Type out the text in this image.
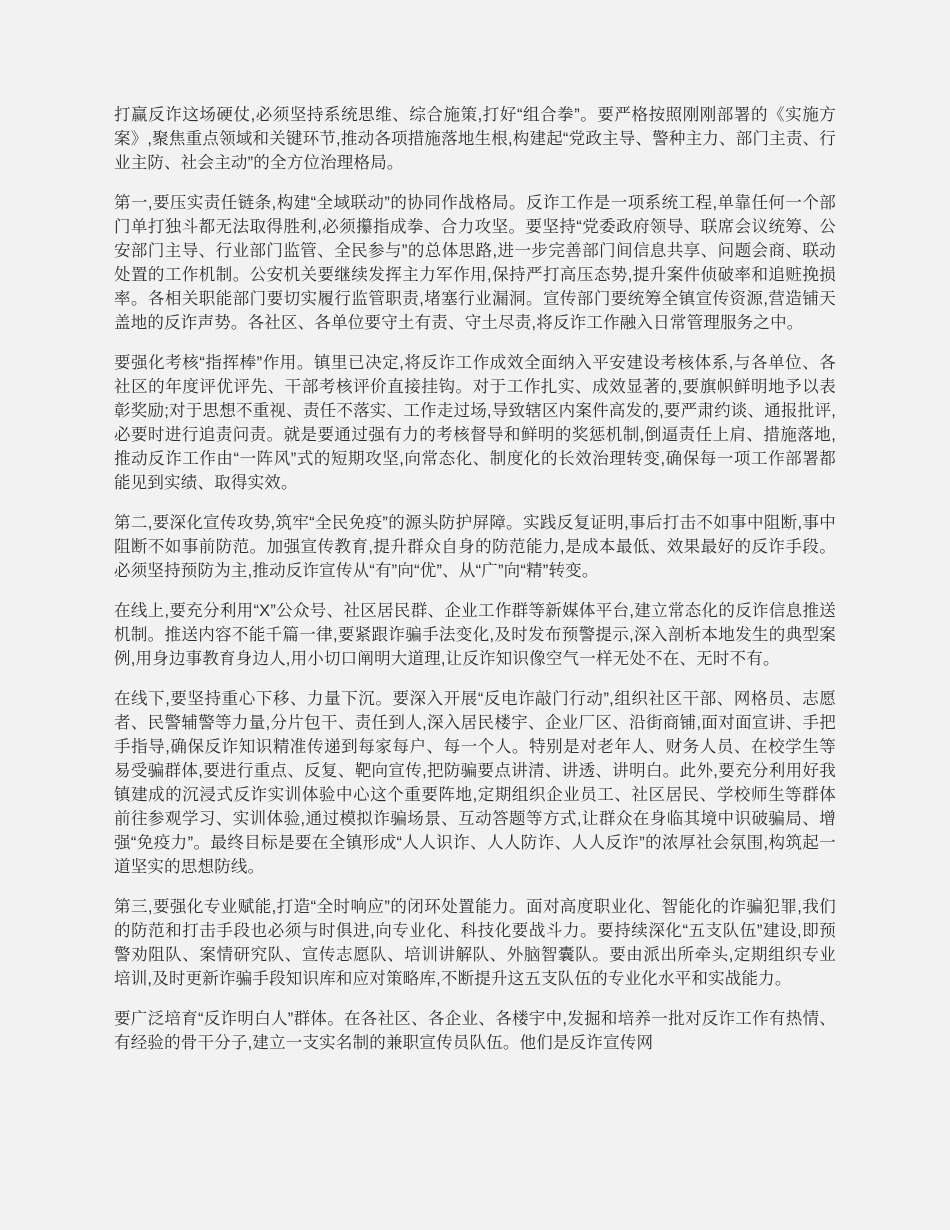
打赢反诈这场硬仗,必须坚持系统思维、综合施策,打好“组合拳”。要严格按照刚刚部署的《实施方案》,聚焦重点领域和关键环节,推动各项措施落地生根,构建起“党政主导、警种主力、部门主责、行业主防、社会主动”的全方位治理格局。

第一,要压实责任链条,构建“全域联动”的协同作战格局。反诈工作是一项系统工程,单靠任何一个部门单打独斗都无法取得胜利,必须攥指成拳、合力攻坚。要坚持“党委政府领导、联席会议统筹、公安部门主导、行业部门监管、全民参与”的总体思路,进一步完善部门间信息共享、问题会商、联动处置的工作机制。公安机关要继续发挥主力军作用,保持严打高压态势,提升案件侦破率和追赃挽损率。各相关职能部门要切实履行监管职责,堵塞行业漏洞。宣传部门要统筹全镇宣传资源,营造铺天盖地的反诈声势。各社区、各单位要守土有责、守土尽责,将反诈工作融入日常管理服务之中。

要强化考核“指挥棒”作用。镇里已决定,将反诈工作成效全面纳入平安建设考核体系,与各单位、各社区的年度评优评先、干部考核评价直接挂钩。对于工作扎实、成效显著的,要旗帜鲜明地予以表彰奖励;对于思想不重视、责任不落实、工作走过场,导致辖区内案件高发的,要严肃约谈、通报批评,必要时进行追责问责。就是要通过强有力的考核督导和鲜明的奖惩机制,倒逼责任上肩、措施落地,推动反诈工作由“一阵风”式的短期攻坚,向常态化、制度化的长效治理转变,确保每一项工作部署都能见到实绩、取得实效。

第二,要深化宣传攻势,筑牢“全民免疫”的源头防护屏障。实践反复证明,事后打击不如事中阻断,事中阻断不如事前防范。加强宣传教育,提升群众自身的防范能力,是成本最低、效果最好的反诈手段。必须坚持预防为主,推动反诈宣传从“有”向“优”、从“广”向“精”转变。

在线上,要充分利用“X”公众号、社区居民群、企业工作群等新媒体平台,建立常态化的反诈信息推送机制。推送内容不能千篇一律,要紧跟诈骗手法变化,及时发布预警提示,深入剖析本地发生的典型案例,用身边事教育身边人,用小切口阐明大道理,让反诈知识像空气一样无处不在、无时不有。

在线下,要坚持重心下移、力量下沉。要深入开展“反电诈敲门行动”,组织社区干部、网格员、志愿者、民警辅警等力量,分片包干、责任到人,深入居民楼宇、企业厂区、沿街商铺,面对面宣讲、手把手指导,确保反诈知识精准传递到每家每户、每一个人。特别是对老年人、财务人员、在校学生等易受骗群体,要进行重点、反复、靶向宣传,把防骗要点讲清、讲透、讲明白。此外,要充分利用好我镇建成的沉浸式反诈实训体验中心这个重要阵地,定期组织企业员工、社区居民、学校师生等群体前往参观学习、实训体验,通过模拟诈骗场景、互动答题等方式,让群众在身临其境中识破骗局、增强“免疫力”。最终目标是要在全镇形成“人人识诈、人人防诈、人人反诈”的浓厚社会氛围,构筑起一道坚实的思想防线。

第三,要强化专业赋能,打造“全时响应”的闭环处置能力。面对高度职业化、智能化的诈骗犯罪,我们的防范和打击手段也必须与时俱进,向专业化、科技化要战斗力。要持续深化“五支队伍”建设,即预警劝阻队、案情研究队、宣传志愿队、培训讲解队、外脑智囊队。要由派出所牵头,定期组织专业培训,及时更新诈骗手段知识库和应对策略库,不断提升这五支队伍的专业化水平和实战能力。

要广泛培育“反诈明白人”群体。在各社区、各企业、各楼宇中,发掘和培养一批对反诈工作有热情、有经验的骨干分子,建立一支实名制的兼职宣传员队伍。他们是反诈宣传网
